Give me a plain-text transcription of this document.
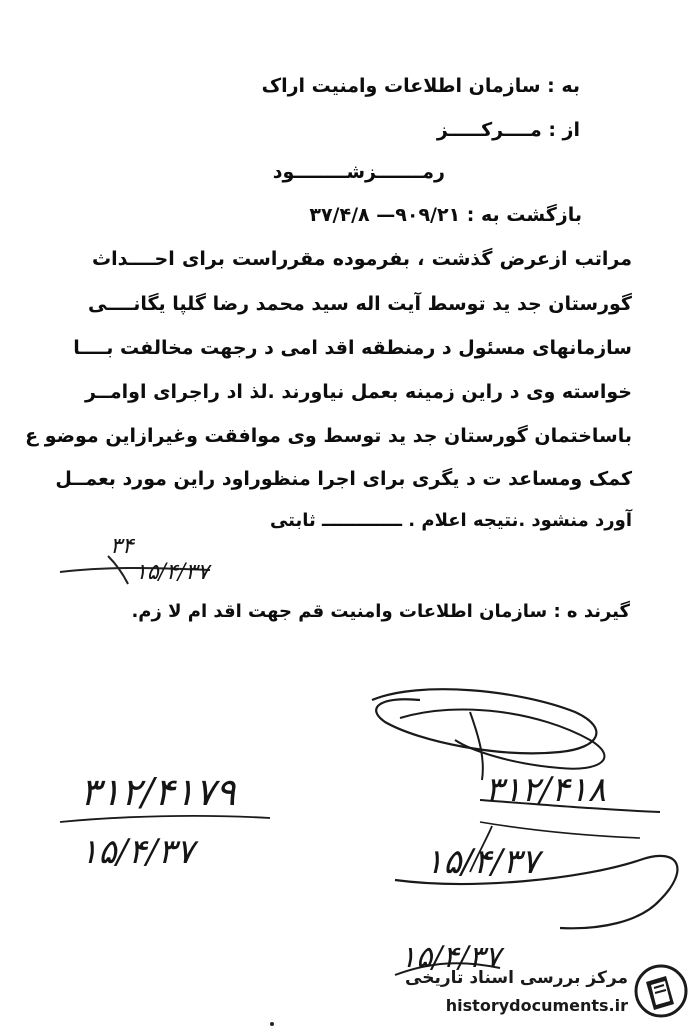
به : سازمان اطلاعات وامنیت اراک
از : مــــرکـــــز
رمـــــــزشــــــــود
بازگشت به : ۹۰۹/۲۱— ۳۷/۴/۸
مراتب ازعرض گذشت ، بفرموده مقرراست برای احــــداث
گورستان جد ید توسط آیت اله سید محمد رضا گلپا یگانــــی
سازمانهای مسئول د رمنطقه اقد امی د رجهت مخالفت بــــا
خواسته وی د راین زمینه بعمل نیاورند .لذ اد راجرای اوامــر
باساختمان گورستان جد ید توسط وی موافقت وغیرازاین موضو ع
کمک ومساعد ت د یگری برای اجرا منظوراود راین مورد بعمــل
آورد منشود .نتیجه اعلام . ـــــــــــــ ثابتی
گیرند ه : سازمان اطلاعات وامنیت قم جهت اقد ام لا زم.
۳۴
۱۵/۴/۳۷
۳۱۲/۴۱۷۹
۱۵/۴/۳۷
۳۱۲/۴۱۸
۱۵/۴/۳۷
۱۵/۴/۳۷
مرکز بررسی اسناد تاریخی
historydocuments.ir
